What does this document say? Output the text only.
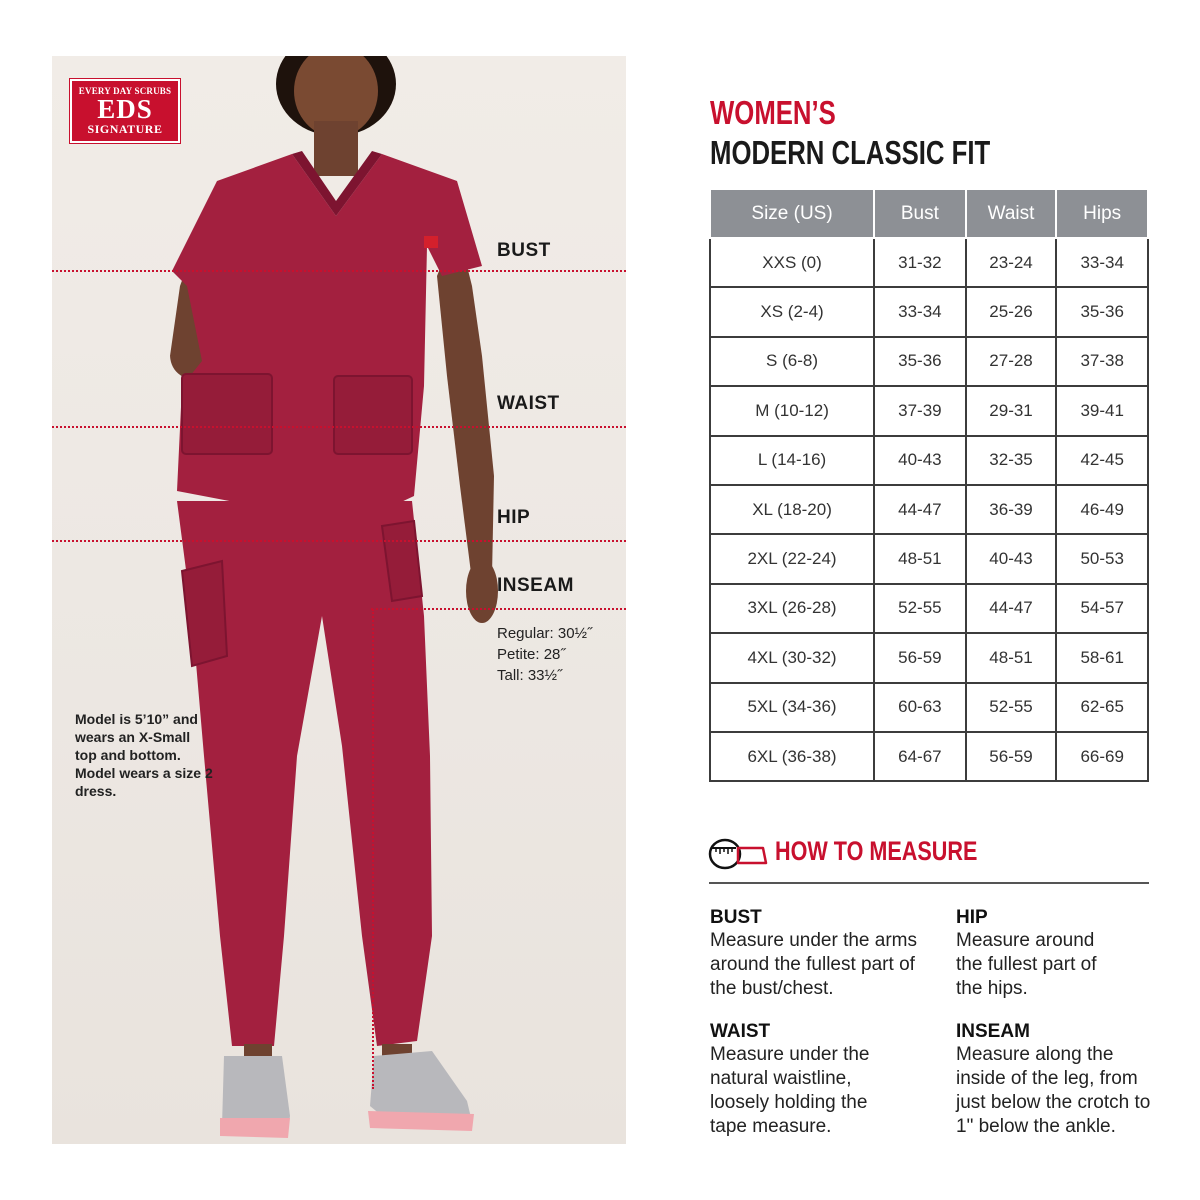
EVERY DAY SCRUBS
EDS
SIGNATURE
BUST
WAIST
HIP
INSEAM
Regular: 30½˝
Petite: 28˝
Tall: 33½˝
Model is 5’10” and wears an X-Small top and bottom. Model wears a size 2 dress.
WOMEN’S
MODERN CLASSIC FIT
Size (US)	Bust	Waist	Hips
XXS (0)	31-32	23-24	33-34
XS (2-4)	33-34	25-26	35-36
S (6-8)	35-36	27-28	37-38
M (10-12)	37-39	29-31	39-41
L (14-16)	40-43	32-35	42-45
XL (18-20)	44-47	36-39	46-49
2XL (22-24)	48-51	40-43	50-53
3XL (26-28)	52-55	44-47	54-57
4XL (30-32)	56-59	48-51	58-61
5XL (34-36)	60-63	52-55	62-65
6XL (36-38)	64-67	56-59	66-69
HOW TO MEASURE
BUST
Measure under the arms around the fullest part of the bust/chest.
HIP
Measure around the fullest part of the hips.
WAIST
Measure under the natural waistline, loosely holding the tape measure.
INSEAM
Measure along the inside of the leg, from just below the crotch to 1" below the ankle.
